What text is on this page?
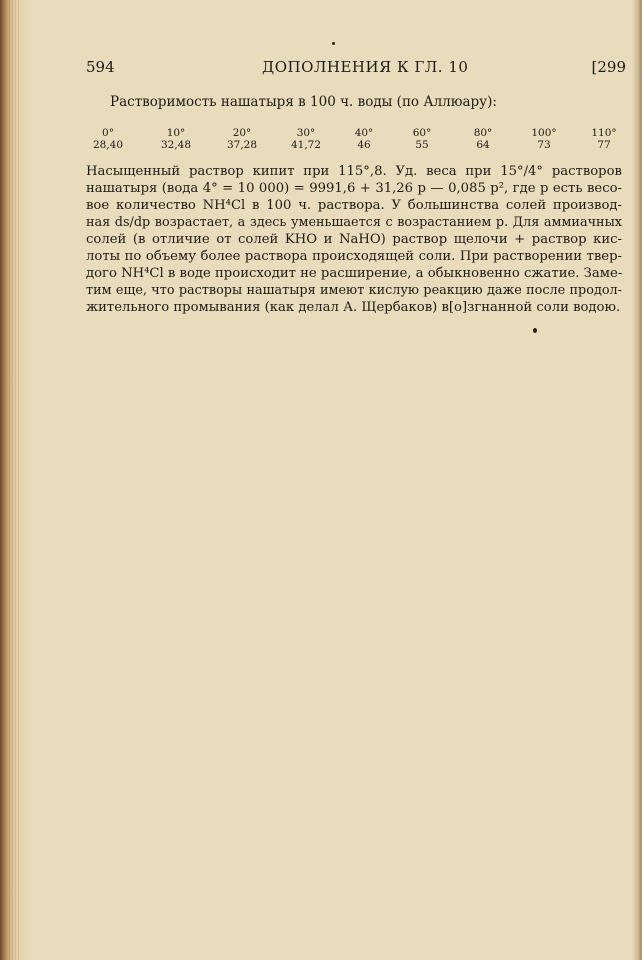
594	ДОПОЛНЕНИЯ К ГЛ. 10	[299
Растворимость нашатыря в 100 ч. воды (по Аллюару):
0°	10°	20°	30°	40°	60°	80°	100°	110°
28,40	32,48	37,28	41,72	46	55	64	73	77
Насыщенный раствор кипит при 115°,8. Уд. веса при 15°/4° растворов
нашатыря (вода 4° = 10 000) = 9991,6 + 31,26 p — 0,085 p², где p есть весо-
вое количество NH⁴Cl в 100 ч. раствора. У большинства солей производ-
ная ds/dp возрастает, а здесь уменьшается с возрастанием p. Для аммиачных
солей (в отличие от солей KHO и NaHO) раствор щелочи + раствор кис-
лоты по объему более раствора происходящей соли. При растворении твер-
дого NH⁴Cl в воде происходит не расширение, а обыкновенно сжатие. Заме-
тим еще, что растворы нашатыря имеют кислую реакцию даже после продол-
жительного промывания (как делал А. Щербаков) в[о]згнанной соли водою.
